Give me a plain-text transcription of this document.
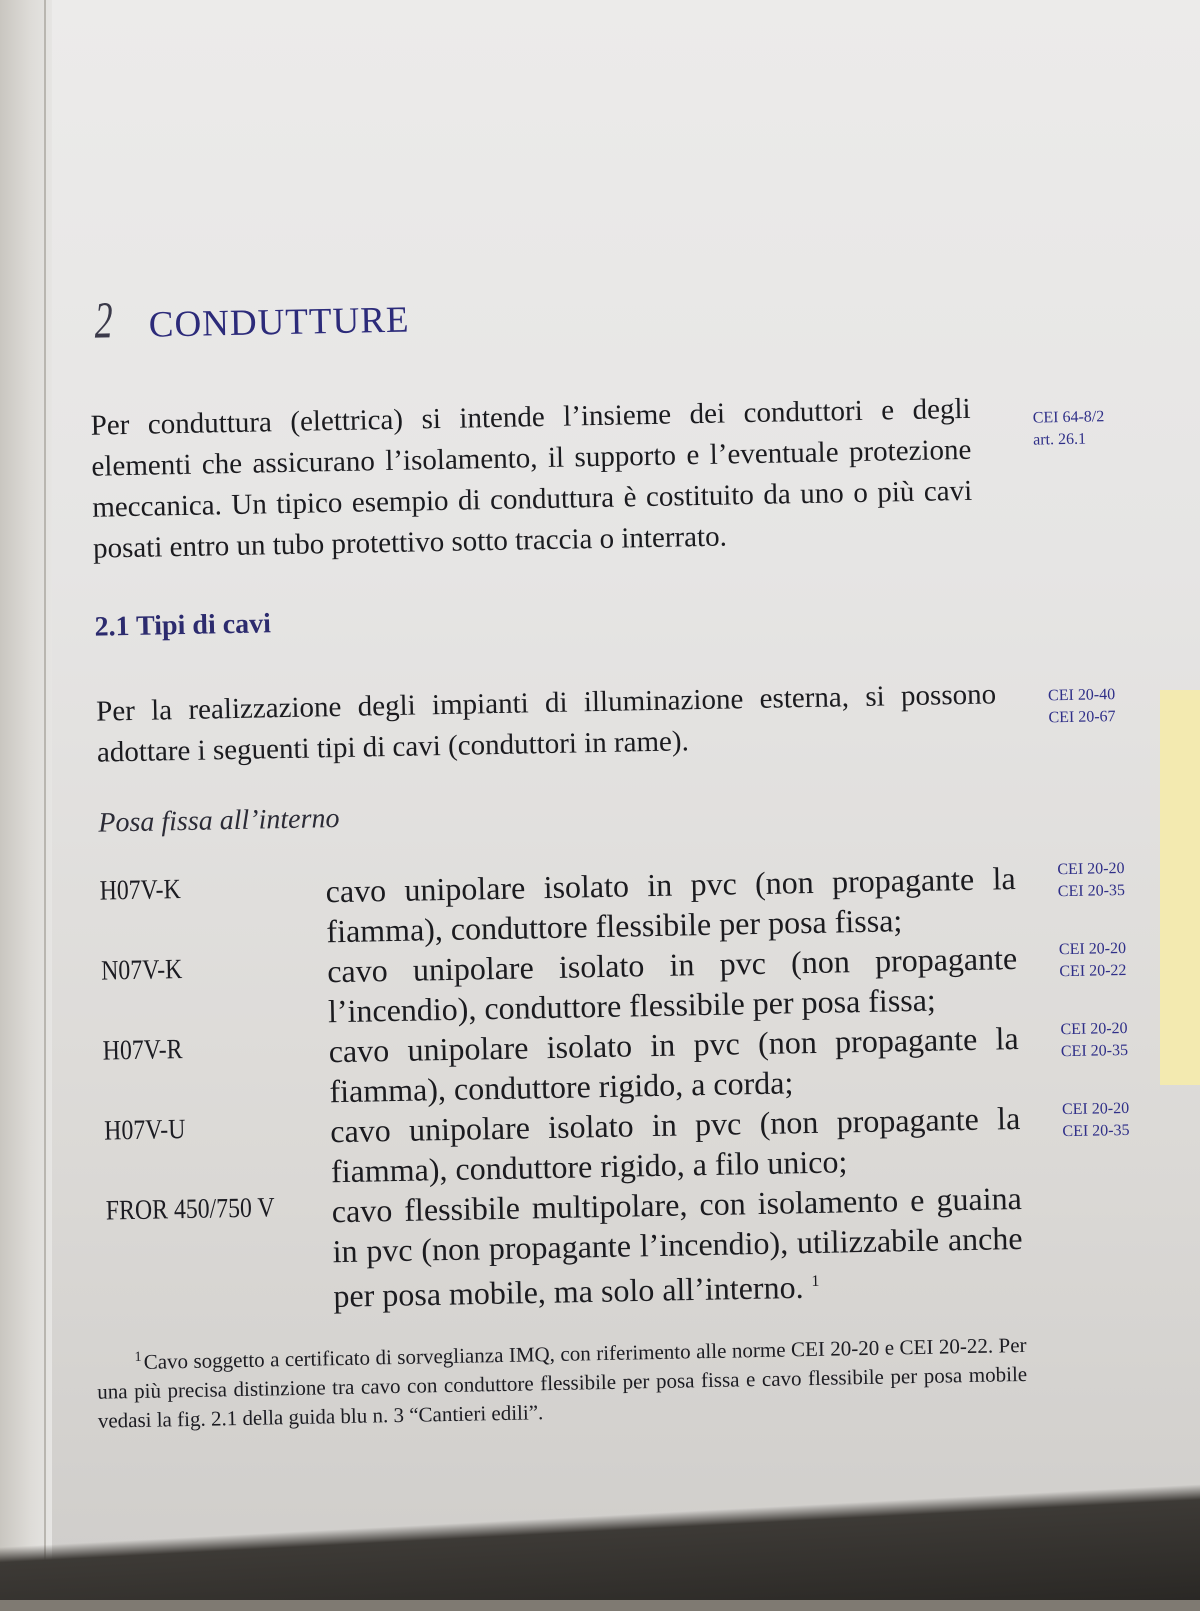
2 CONDUTTURE
Per conduttura (elettrica) si intende l’insieme dei conduttori e degli elementi che assicurano l’isolamento, il supporto e l’eventuale protezione meccanica. Un tipico esempio di conduttura è costituito da uno o più cavi posati entro un tubo protettivo sotto traccia o interrato.
CEI 64-8/2
art. 26.1
2.1 Tipi di cavi
Per la realizzazione degli impianti di illuminazione esterna, si possono adottare i seguenti tipi di cavi (conduttori in rame).
CEI 20-40
CEI 20-67
Posa fissa all’interno
H07V-K	cavo unipolare isolato in pvc (non propagante la fiamma), conduttore flessibile per posa fissa;
CEI 20-20
CEI 20-35
N07V-K	cavo unipolare isolato in pvc (non propagante l’incendio), conduttore flessibile per posa fissa;
CEI 20-20
CEI 20-22
H07V-R	cavo unipolare isolato in pvc (non propagante la fiamma), conduttore rigido, a corda;
CEI 20-20
CEI 20-35
H07V-U	cavo unipolare isolato in pvc (non propagante la fiamma), conduttore rigido, a filo unico;
CEI 20-20
CEI 20-35
FROR 450/750 V cavo flessibile multipolare, con isolamento e guaina in pvc (non propagante l’incendio), utilizzabile anche per posa mobile, ma solo all’interno. $^1$
$^1$Cavo soggetto a certificato di sorveglianza IMQ, con riferimento alle norme CEI 20-20 e CEI 20-22. Per una più precisa distinzione tra cavo con conduttore flessibile per posa fissa e cavo flessibile per posa mobile vedasi la fig. 2.1 della guida blu n. 3 “Cantieri edili”.
